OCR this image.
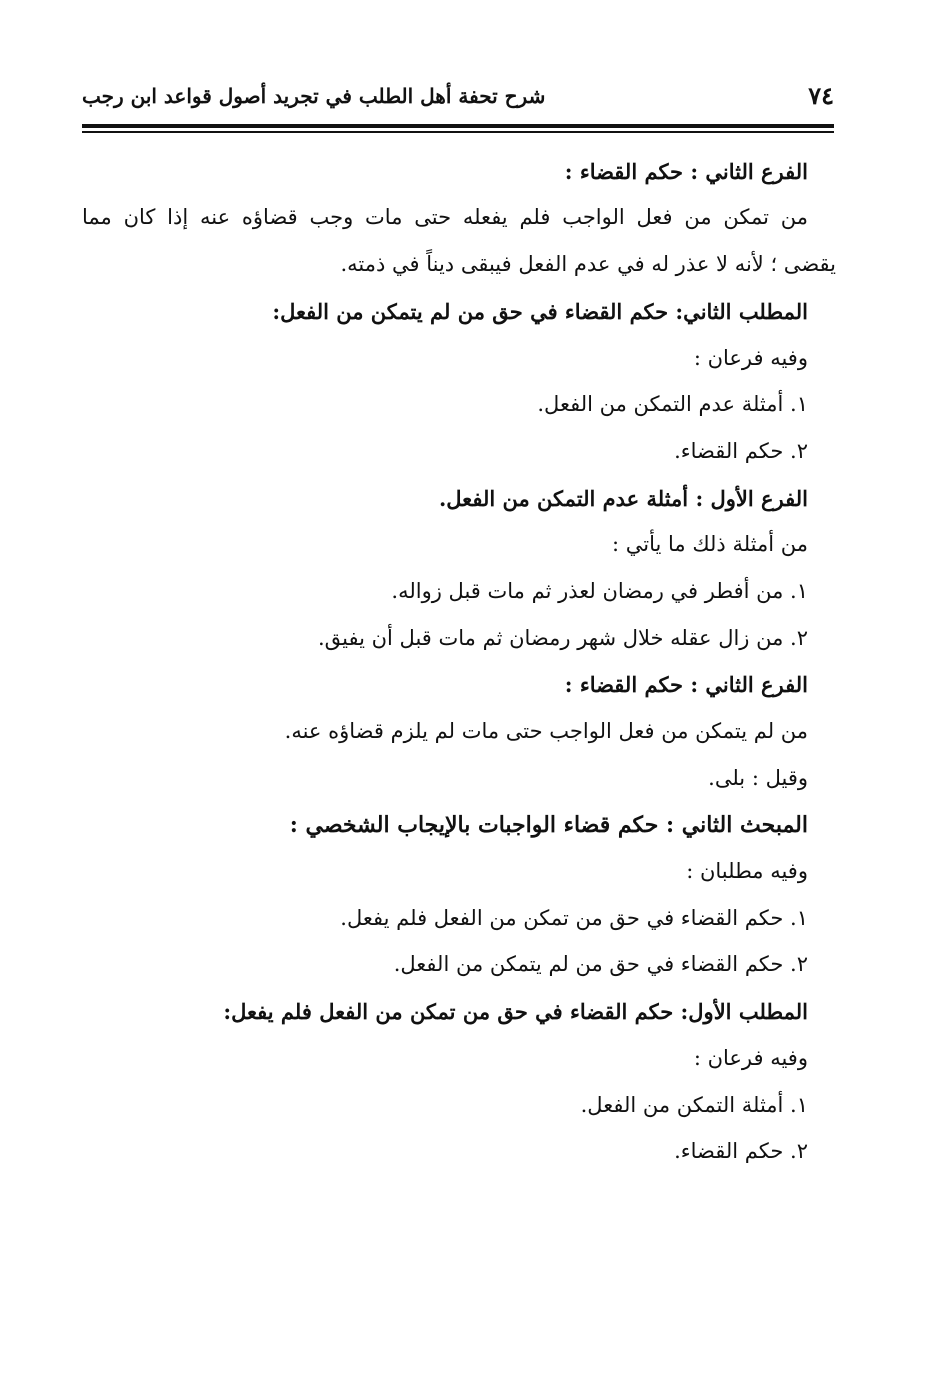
٧٤
شرح تحفة أهل الطلب في تجريد أصول قواعد ابن رجب
الفرع الثاني : حكم القضاء :
من تمكن من فعل الواجب فلم يفعله حتى مات وجب قضاؤه عنه إذا كان مما
يقضى ؛ لأنه لا عذر له في عدم الفعل فيبقى ديناً في ذمته.
المطلب الثاني: حكم القضاء في حق من لم يتمكن من الفعل:
وفيه فرعان :
١. أمثلة عدم التمكن من الفعل.
٢. حكم القضاء.
الفرع الأول : أمثلة عدم التمكن من الفعل.
من أمثلة ذلك ما يأتي :
١. من أفطر في رمضان لعذر ثم مات قبل زواله.
٢. من زال عقله خلال شهر رمضان ثم مات قبل أن يفيق.
الفرع الثاني : حكم القضاء :
من لم يتمكن من فعل الواجب حتى مات لم يلزم قضاؤه عنه.
وقيل : بلى.
المبحث الثاني : حكم قضاء الواجبات بالإيجاب الشخصي :
وفيه مطلبان :
١. حكم القضاء في حق من تمكن من الفعل فلم يفعل.
٢. حكم القضاء في حق من لم يتمكن من الفعل.
المطلب الأول: حكم القضاء في حق من تمكن من الفعل فلم يفعل:
وفيه فرعان :
١. أمثلة التمكن من الفعل.
٢. حكم القضاء.
